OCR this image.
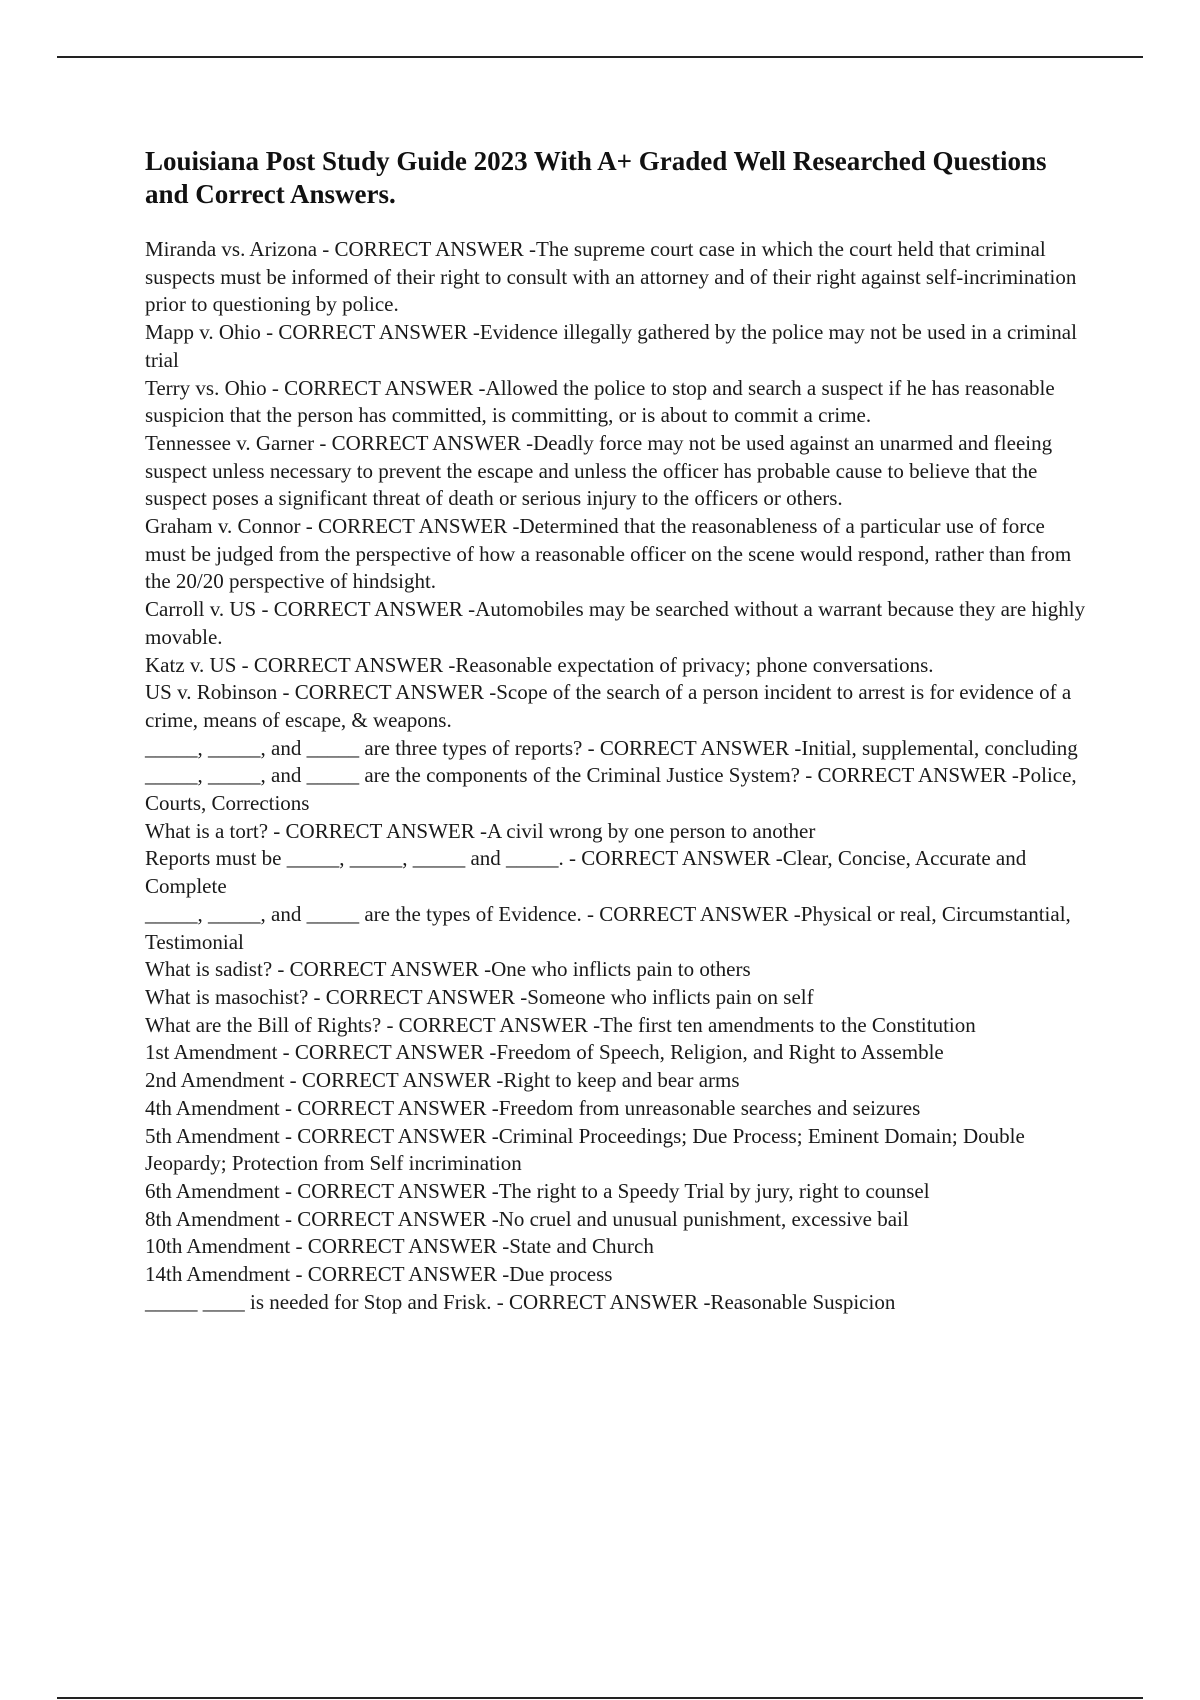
Louisiana Post Study Guide 2023 With A+ Graded Well Researched Questions and Correct Answers.
Miranda vs. Arizona - CORRECT ANSWER -The supreme court case in which the court held that criminal suspects must be informed of their right to consult with an attorney and of their right against self-incrimination prior to questioning by police.
Mapp v. Ohio - CORRECT ANSWER -Evidence illegally gathered by the police may not be used in a criminal trial
Terry vs. Ohio - CORRECT ANSWER -Allowed the police to stop and search a suspect if he has reasonable suspicion that the person has committed, is committing, or is about to commit a crime.
Tennessee v. Garner - CORRECT ANSWER -Deadly force may not be used against an unarmed and fleeing suspect unless necessary to prevent the escape and unless the officer has probable cause to believe that the suspect poses a significant threat of death or serious injury to the officers or others.
Graham v. Connor - CORRECT ANSWER -Determined that the reasonableness of a particular use of force must be judged from the perspective of how a reasonable officer on the scene would respond, rather than from the 20/20 perspective of hindsight.
Carroll v. US - CORRECT ANSWER -Automobiles may be searched without a warrant because they are highly movable.
Katz v. US - CORRECT ANSWER -Reasonable expectation of privacy; phone conversations.
US v. Robinson - CORRECT ANSWER -Scope of the search of a person incident to arrest is for evidence of a crime, means of escape, & weapons.
_____, _____, and _____ are three types of reports? - CORRECT ANSWER -Initial, supplemental, concluding
_____, _____, and _____ are the components of the Criminal Justice System? - CORRECT ANSWER -Police, Courts, Corrections
What is a tort? - CORRECT ANSWER -A civil wrong by one person to another
Reports must be _____, _____, _____ and _____. - CORRECT ANSWER -Clear, Concise, Accurate and Complete
_____, _____, and _____ are the types of Evidence. - CORRECT ANSWER -Physical or real, Circumstantial, Testimonial
What is sadist? - CORRECT ANSWER -One who inflicts pain to others
What is masochist? - CORRECT ANSWER -Someone who inflicts pain on self
What are the Bill of Rights? - CORRECT ANSWER -The first ten amendments to the Constitution
1st Amendment - CORRECT ANSWER -Freedom of Speech, Religion, and Right to Assemble
2nd Amendment - CORRECT ANSWER -Right to keep and bear arms
4th Amendment - CORRECT ANSWER -Freedom from unreasonable searches and seizures
5th Amendment - CORRECT ANSWER -Criminal Proceedings; Due Process; Eminent Domain; Double Jeopardy; Protection from Self incrimination
6th Amendment - CORRECT ANSWER -The right to a Speedy Trial by jury, right to counsel
8th Amendment - CORRECT ANSWER -No cruel and unusual punishment, excessive bail
10th Amendment - CORRECT ANSWER -State and Church
14th Amendment - CORRECT ANSWER -Due process
_____ ____ is needed for Stop and Frisk. - CORRECT ANSWER -Reasonable Suspicion
